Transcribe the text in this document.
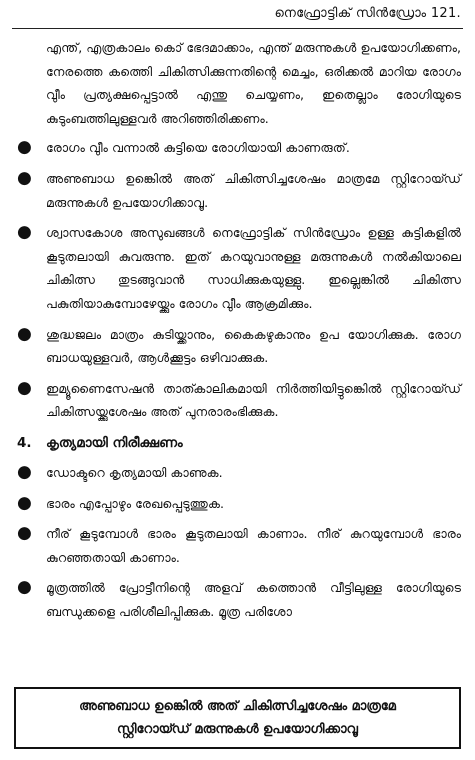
നെഫ്രോട്ടിക് സിൻഡ്രോം 121.

എന്ത്, എത്രകാലം കൊ് ഭേദമാക്കാം, എന്ത് മരുന്നുകൾ ഉപയോഗിക്കണം, നേരത്തെ കത്തെി ചികിത്സിക്കുന്നതിന്റെ മെച്ചം, ഒരിക്കൽ മാറിയ രോഗം വീും പ്രത്യക്ഷപ്പെട്ടാൽ എന്തു ചെയ്യണം, ഇതെല്ലാം രോഗിയുടെ കുടുംബത്തിലുള്ളവർ അറിഞ്ഞിരിക്കണം.

●	രോഗം വീും വന്നാൽ കുട്ടിയെ രോഗിയായി കാണരുത്.
●	അണുബാധ ഉങ്കെിൽ അത് ചികിത്സിച്ചശേഷം മാത്രമേ സ്റ്റിറോയ്ഡ് മരുന്നുകൾ ഉപയോഗിക്കാവൂ.
●	ശ്വാസകോശ അസുഖങ്ങൾ നെഫ്രോട്ടിക് സിൻഡ്രോം ഉള്ള കുട്ടികളിൽ കൂടുതലായി കുവരുന്നു. ഇത് കറയുവാനുള്ള മരുന്നുകൾ നൽകിയാലെ ചികിത്സ തുടങ്ങുവാൻ സാധിക്കുകയുള്ളു. ഇല്ലെങ്കിൽ ചികിത്സ പകുതിയാകുമ്പോഴേയ്ക്കും രോഗം വീും ആക്രമിക്കും.
●	ശുദ്ധജലം മാത്രം കുടിയ്ക്കാനും, കൈകഴുകാനും ഉപ യോഗിക്കുക. രോഗ ബാധയുള്ളവർ, ആൾക്കൂട്ടം ഒഴിവാക്കുക.
●	ഇമ്യൂണൈസേഷൻ താത്കാലികമായി നിർത്തിയിട്ടുങ്കെിൽ സ്റ്റിറോയ്ഡ് ചികിത്സയ്ക്കുശേഷം അത് പുനരാരംഭിക്കുക.
4.	കൃത്യമായി നിരീക്ഷണം
●	ഡോക്ടറെ കൃത്യമായി കാണുക.
●	ഭാരം എപ്പോഴും രേഖപ്പെടുത്തുക.
●	നീര് കൂടുമ്പോൾ ഭാരം കൂടുതലായി കാണാം. നീര് കുറയുമ്പോൾ ഭാരം കുറഞ്ഞതായി കാണാം.
●	മൂത്രത്തിൽ പ്രോട്ടീനിന്റെ അളവ് കത്തൊൻ വീട്ടിലുള്ള രോഗിയുടെ ബന്ധുക്കളെ പരിശീലിപ്പിക്കുക. മൂത്ര പരിശോ
അണുബാധ ഉങ്കെിൽ അത് ചികിത്സിച്ചശേഷം മാത്രമേ
സ്റ്റിറോയ്ഡ് മരുന്നുകൾ ഉപയോഗിക്കാവൂ
